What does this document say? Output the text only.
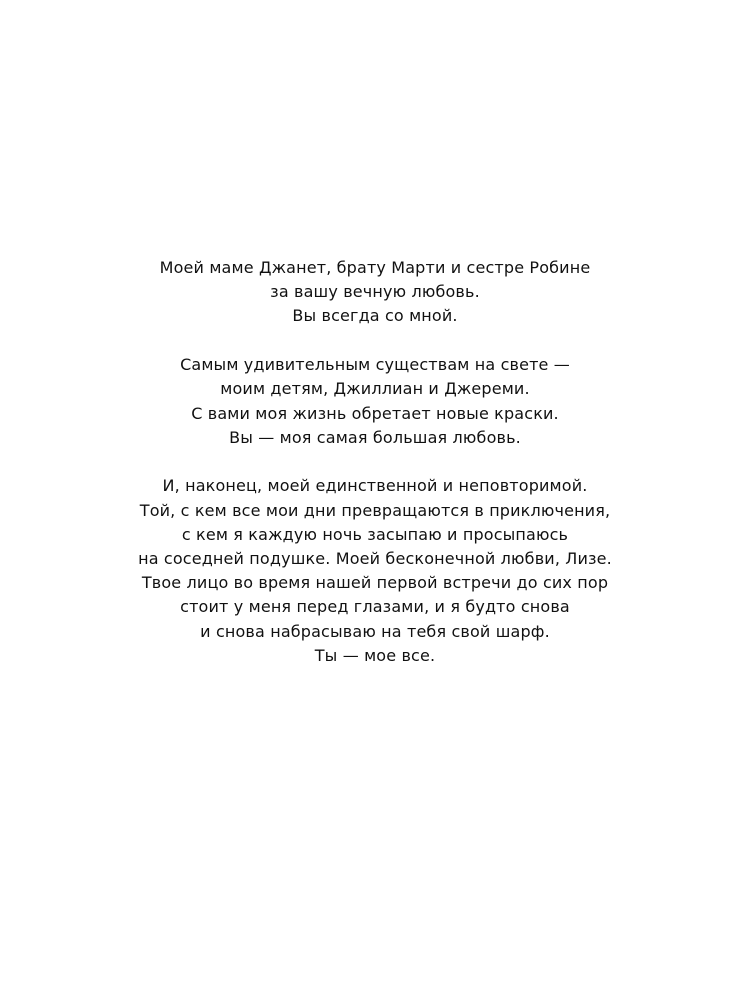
Моей маме Джанет, брату Марти и сестре Робине
за вашу вечную любовь.
Вы всегда со мной.

Самым удивительным существам на свете —
моим детям, Джиллиан и Джереми.
С вами моя жизнь обретает новые краски.
Вы — моя самая большая любовь.

И, наконец, моей единственной и неповторимой.
Той, с кем все мои дни превращаются в приключения,
с кем я каждую ночь засыпаю и просыпаюсь
на соседней подушке. Моей бесконечной любви, Лизе.
Твое лицо во время нашей первой встречи до сих пор
стоит у меня перед глазами, и я будто снова
и снова набрасываю на тебя свой шарф.
Ты — мое все.
